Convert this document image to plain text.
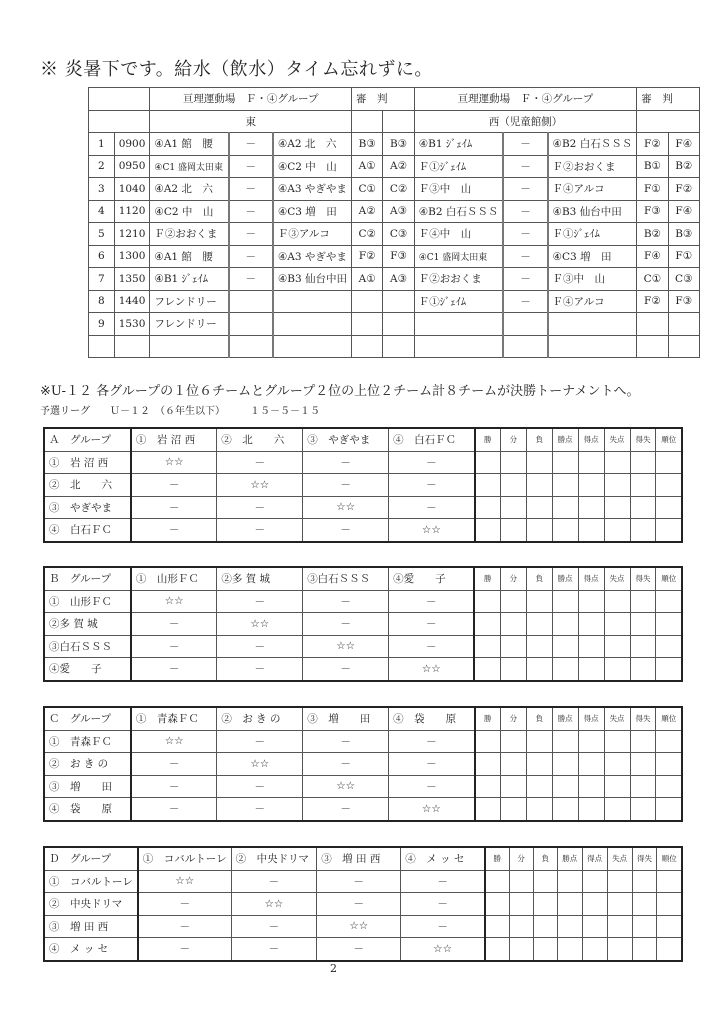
※ 炎暑下です。給水（飲水）タイム忘れずに。
		亘理運動場　Ｆ・④グループ			審　判		亘理運動場　Ｆ・④グループ			審　判	
		東					西（児童館側）				
1	0900	④A1 館　腰	－	④A2 北　六	B③	B③	④B1 ｼﾞｪｲﾑ	－	④B2 白石ＳＳＳ	F②	F④
2	0950	④C1 盛岡太田東	－	④C2 中　山	A①	A②	Ｆ①ｼﾞｪｲﾑ	－	Ｆ②おおくま	B①	B②
3	1040	④A2 北　六	－	④A3 やぎやま	C①	C②	Ｆ③中　山	－	Ｆ④アルコ	F①	F②
4	1120	④C2 中　山	－	④C3 増　田	A②	A③	④B2 白石ＳＳＳ	－	④B3 仙台中田	F③	F④
5	1210	Ｆ②おおくま	－	Ｆ③アルコ	C②	C③	Ｆ④中　山	－	Ｆ①ｼﾞｪｲﾑ	B②	B③
6	1300	④A1 館　腰	－	④A3 やぎやま	F②	F③	④C1 盛岡太田東	－	④C3 増　田	F④	F①
7	1350	④B1 ｼﾞｪｲﾑ	－	④B3 仙台中田	A①	A③	Ｆ②おおくま	－	Ｆ③中　山	C①	C③
8	1440	フレンドリー					Ｆ①ｼﾞｪｲﾑ	－	Ｆ④アルコ	F②	F③
9	1530	フレンドリー									

※U-１２ 各グループの１位６チームとグループ２位の上位２チーム計８チームが決勝トーナメントへ。
予選リーグ　　Ｕ－１２　（６年生以下）　　　１５－５－１５
Ａ　グループ	①　岩 沼 西	②　北　　六	③　やぎやま	④　白石ＦＣ	勝	分	負	勝点	得点	失点	得失	順位
①　岩 沼 西	☆☆	－	－	－								
②　北　　六	－	☆☆	－	－								
③　やぎやま	－	－	☆☆	－								
④　白石ＦＣ	－	－	－	☆☆								
Ｂ　グループ	①　山形ＦＣ	②多 賀 城	③白石ＳＳＳ	④愛　　子	勝	分	負	勝点	得点	失点	得失	順位
①　山形ＦＣ	☆☆	－	－	－								
②多 賀 城	－	☆☆	－	－								
③白石ＳＳＳ	－	－	☆☆	－								
④愛　　子	－	－	－	☆☆								
Ｃ　グループ	①　青森ＦＣ	②　お き の	③　増　　田	④　袋　　原	勝	分	負	勝点	得点	失点	得失	順位
①　青森ＦＣ	☆☆	－	－	－								
②　お き の	－	☆☆	－	－								
③　増　　田	－	－	☆☆	－								
④　袋　　原	－	－	－	☆☆								
Ｄ　グループ	①　コバルトーレ	②　中央ドリマ	③　増 田 西	④　メ ッ セ	勝	分	負	勝点	得点	失点	得失	順位
①　コバルトーレ	☆☆	－	－	－								
②　中央ドリマ	－	☆☆	－	－								
③　増 田 西	－	－	☆☆	－								
④　メ ッ セ	－	－	－	☆☆								
2
